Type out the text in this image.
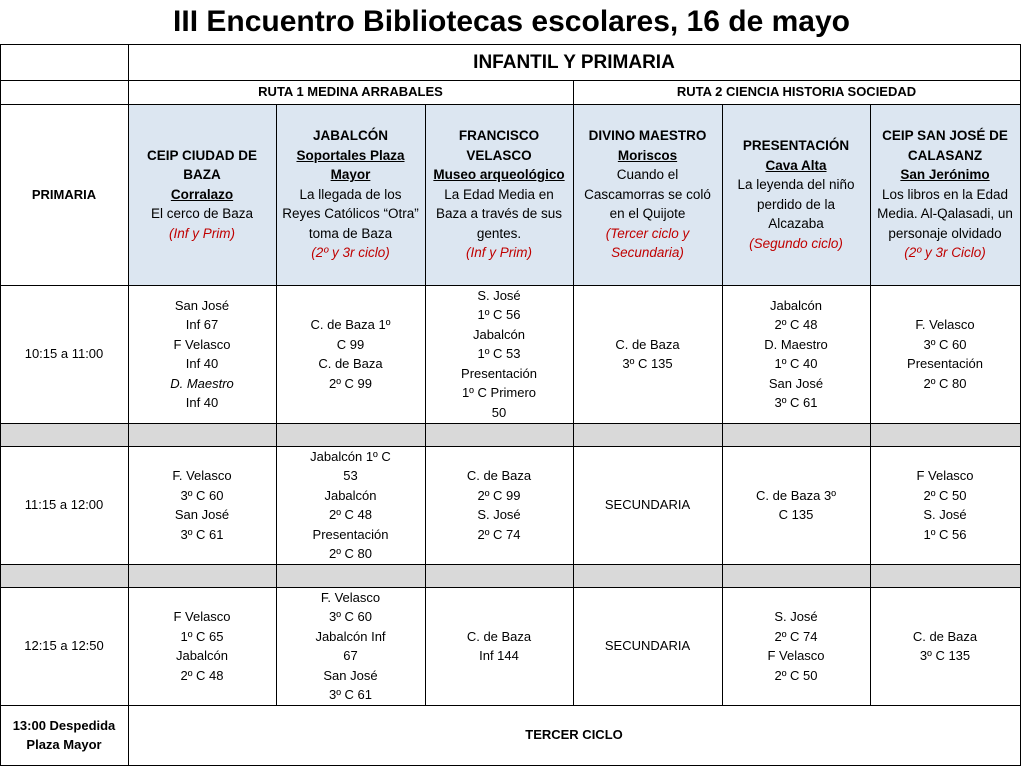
III Encuentro Bibliotecas escolares, 16 de mayo
INFANTIL Y PRIMARIA
RUTA 1 MEDINA ARRABALES	RUTA 2 CIENCIA HISTORIA SOCIEDAD
PRIMARIA
CEIP CIUDAD DE BAZA
Corralazo
El cerco de Baza
(Inf y Prim)
JABALCÓN
Soportales Plaza Mayor
La llegada de los Reyes Católicos “Otra” toma de Baza
(2º y 3r ciclo)
FRANCISCO VELASCO
Museo arqueológico
La Edad Media en Baza a través de sus gentes.
(Inf y Prim)
DIVINO MAESTRO
Moriscos
Cuando el Cascamorras se coló en el Quijote
(Tercer ciclo y Secundaria)
PRESENTACIÓN
Cava Alta
La leyenda del niño perdido de la Alcazaba
(Segundo ciclo)
CEIP SAN JOSÉ DE CALASANZ
San Jerónimo
Los libros en la Edad Media. Al-Qalasadi, un personaje olvidado
(2º y 3r Ciclo)
10:15 a 11:00
San José
Inf 67
F Velasco
Inf 40
D. Maestro
Inf 40
C. de Baza 1º C 99
C. de Baza
2º C 99
S. José
1º C 56
Jabalcón
1º C 53
Presentación
1º C Primero 50
C. de Baza
3º C 135
Jabalcón
2º C 48
D. Maestro
1º C 40
San José
3º C 61
F. Velasco
3º C 60
Presentación
2º C 80
11:15 a 12:00
F. Velasco
3º C 60
San José
3º C 61
Jabalcón 1º C 53
Jabalcón
2º C 48
Presentación
2º C 80
C. de Baza
2º C 99
S. José
2º C 74
SECUNDARIA
C. de Baza 3º C 135
F Velasco
2º C 50
S. José
1º C 56
12:15 a 12:50
F Velasco
1º C 65
Jabalcón
2º C 48
F. Velasco
3º C 60
Jabalcón Inf 67
San José
3º C 61
C. de Baza Inf 144
SECUNDARIA
S. José
2º C 74
F Velasco
2º C 50
C. de Baza
3º C 135
13:00 Despedida Plaza Mayor
TERCER CICLO
